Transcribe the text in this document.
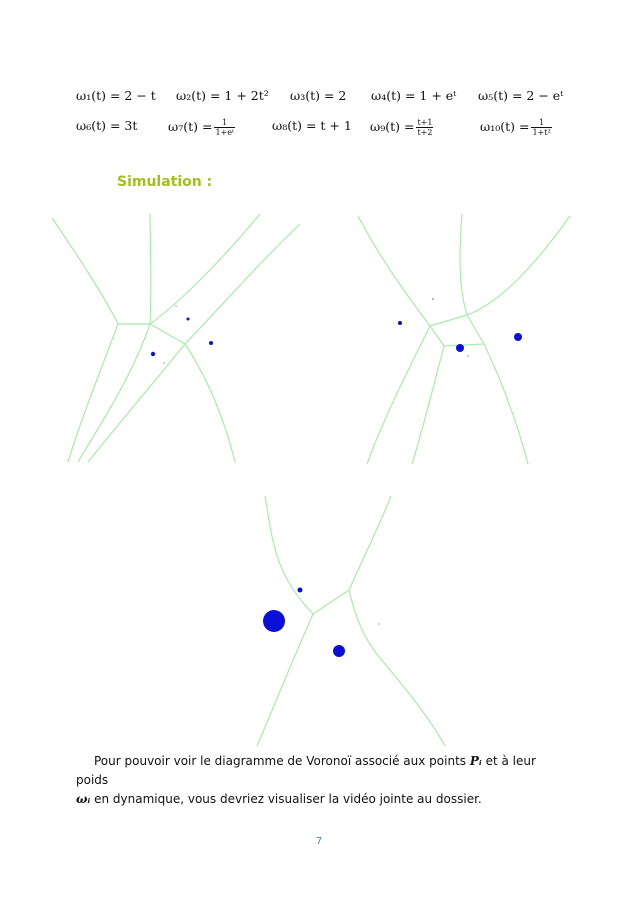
ω₁(t) = 2 − t ω₂(t) = 1 + 2t² ω₃(t) = 2 ω₄(t) = 1 + eᵗ ω₅(t) = 2 − eᵗ
ω₆(t) = 3t $\omega_7(t) = \frac{1}{\text{1+eᵗ}}$	ω₈(t) = t + 1 $\omega_9(t) = \frac{t+1}{t+2}$	$\omega_{10}(t) = \frac{1}{\text{1+t²}}$
Simulation :
Pour pouvoir voir le diagramme de Voronoï associé aux points Pᵢ et à leur poids
ωᵢ en dynamique, vous devriez visualiser la vidéo jointe au dossier.
7
